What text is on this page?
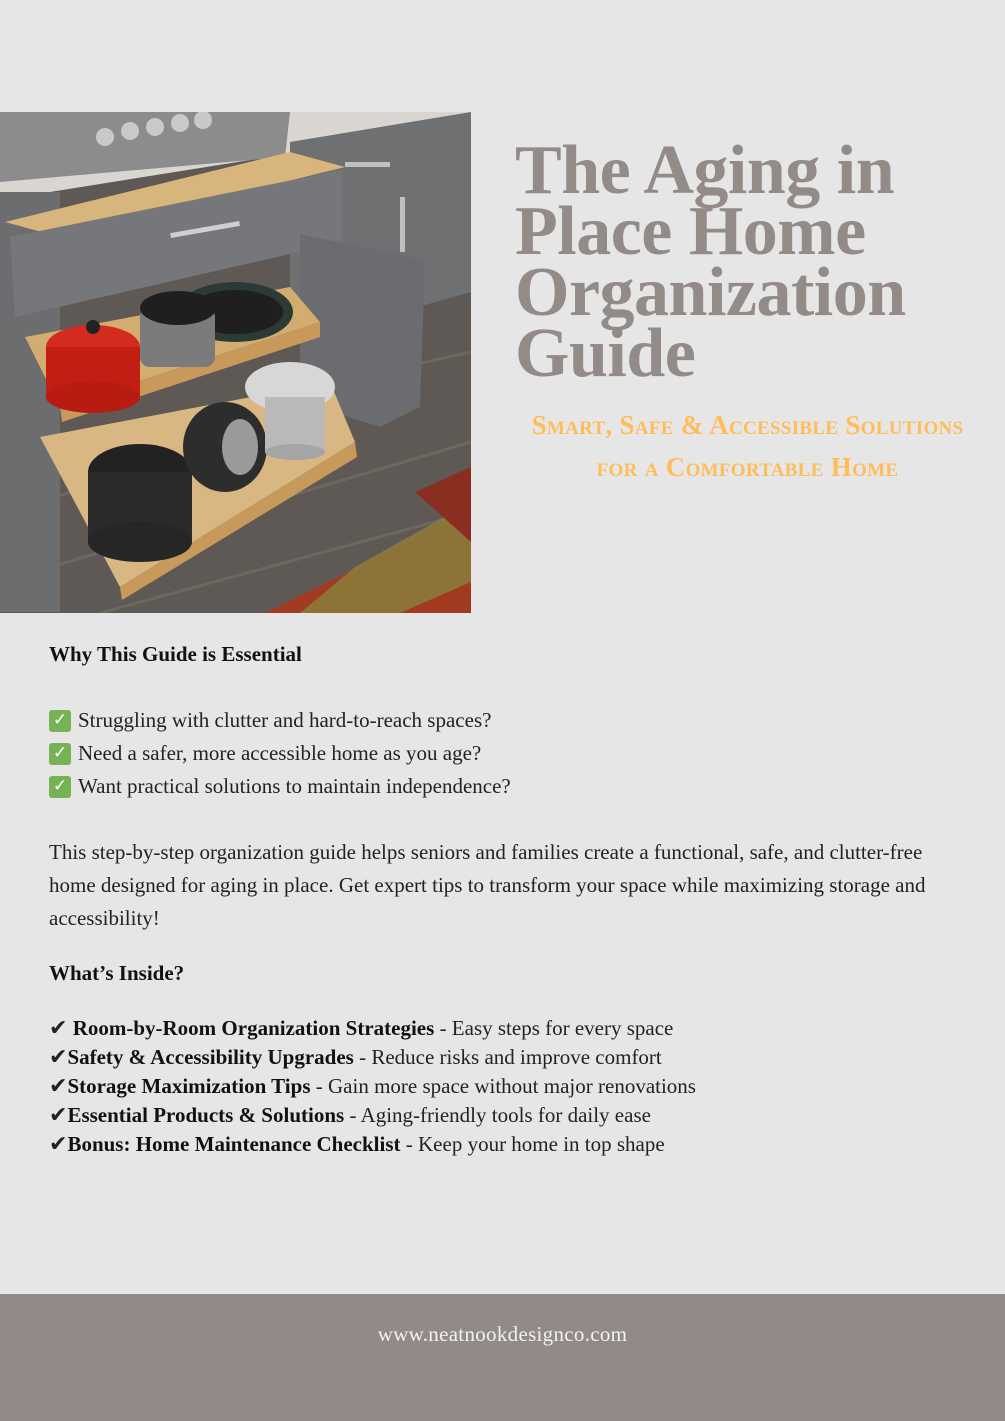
The Aging in Place Home Organization Guide
Smart, Safe & Accessible Solutions
for a Comfortable Home
Why This Guide is Essential
✓ Struggling with clutter and hard-to-reach spaces?
✓ Need a safer, more accessible home as you age?
✓ Want practical solutions to maintain independence?

This step-by-step organization guide helps seniors and families create a functional, safe, and clutter-free home designed for aging in place. Get expert tips to transform your space while maximizing storage and accessibility!

What’s Inside?
✔ Room-by-Room Organization Strategies - Easy steps for every space
✔Safety & Accessibility Upgrades - Reduce risks and improve comfort
✔Storage Maximization Tips - Gain more space without major renovations
✔Essential Products & Solutions - Aging-friendly tools for daily ease
✔Bonus: Home Maintenance Checklist - Keep your home in top shape
www.neatnookdesignco.com
